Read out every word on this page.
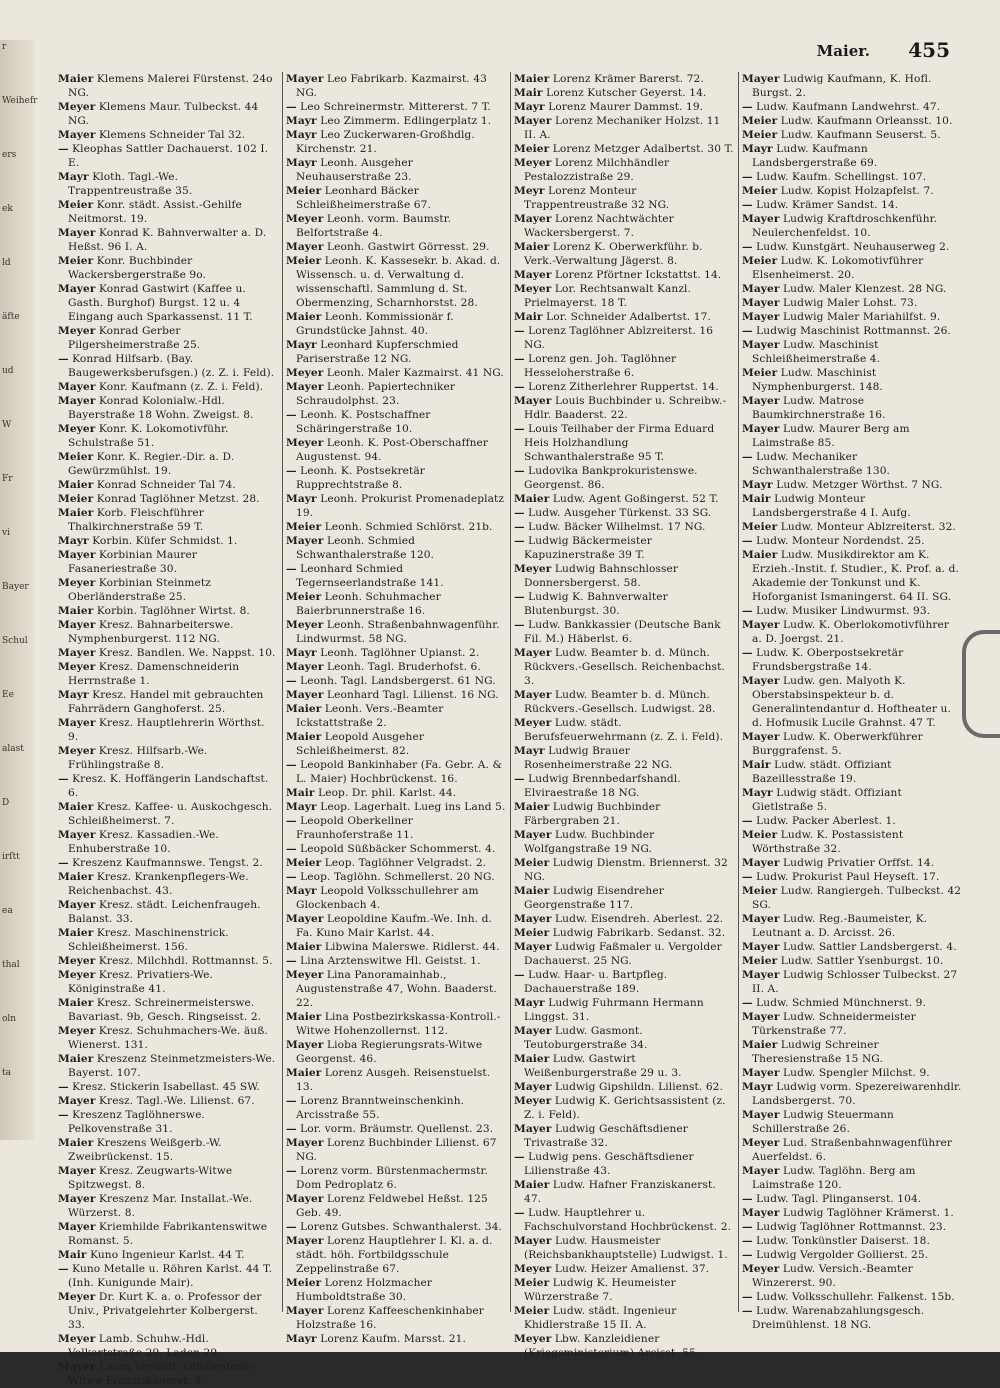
r
Weihefr
ers
ek
ld
äfte
ud
W
Fr
vi
Bayer
Schul
Ee
alast
D
irſtt
ea
thal
oln
ta
Maier. 455
Maier Klemens Malerei Fürstenst. 24o NG.
Meyer Klemens Maur. Tulbeckst. 44 NG.
Mayer Klemens Schneider Tal 32.
— Kleophas Sattler Dachauerst. 102 I. E.
Mayr Kloth. Tagl.-We. Trappentreustraße 35.
Meier Konr. städt. Assist.-Gehilfe Neitmorst. 19.
Mayer Konrad K. Bahnverwalter a. D. Heßst. 96 I. A.
Meier Konr. Buchbinder Wackersbergerstraße 9o.
Mayer Konrad Gastwirt (Kaffee u. Gasth. Burghof) Burgst. 12 u. 4 Eingang auch Sparkassenst. 11 T.
Meyer Konrad Gerber Pilgersheimerstraße 25.
— Konrad Hilfsarb. (Bay. Baugewerksberufsgen.) (z. Z. i. Feld).
Mayer Konr. Kaufmann (z. Z. i. Feld).
Mayer Konrad Kolonialw.-Hdl. Bayerstraße 18 Wohn. Zweigst. 8.
Meyer Konr. K. Lokomotivführ. Schulstraße 51.
Meier Konr. K. Regier.-Dir. a. D. Gewürzmühlst. 19.
Maier Konrad Schneider Tal 74.
Meier Konrad Taglöhner Metzst. 28.
Maier Korb. Fleischführer Thalkirchnerstraße 59 T.
Mayr Korbin. Küfer Schmidst. 1.
Mayer Korbinian Maurer Fasaneriestraße 30.
Meyer Korbinian Steinmetz Oberländerstraße 25.
Maier Korbin. Taglöhner Wirtst. 8.
Mayer Kresz. Bahnarbeiterswe. Nymphenburgerst. 112 NG.
Mayer Kresz. Bandlen. We. Nappst. 10.
Meyer Kresz. Damenschneiderin Herrnstraße 1.
Mayr Kresz. Handel mit gebrauchten Fahrrädern Ganghoferst. 25.
Mayer Kresz. Hauptlehrerin Wörthst. 9.
Meyer Kresz. Hilfsarb.-We. Frühlingstraße 8.
— Kresz. K. Hoffängerin Landschaftst. 6.
Maier Kresz. Kaffee- u. Auskochgesch. Schleißheimerst. 7.
Mayer Kresz. Kassadien.-We. Enhuberstraße 10.
— Kreszenz Kaufmannswe. Tengst. 2.
Maier Kresz. Krankenpflegers-We. Reichenbachst. 43.
Mayer Kresz. städt. Leichenfraugeh. Balanst. 33.
Maier Kresz. Maschinenstrick. Schleißheimerst. 156.
Meyer Kresz. Milchhdl. Rottmannst. 5.
Meyer Kresz. Privatiers-We. Königinstraße 41.
Maier Kresz. Schreinermeisterswe. Bavariast. 9b, Gesch. Ringseisst. 2.
Meyer Kresz. Schuhmachers-We. äuß. Wienerst. 131.
Maier Kreszenz Steinmetzmeisters-We. Bayerst. 107.
— Kresz. Stickerin Isabellast. 45 SW.
Mayer Kresz. Tagl.-We. Lilienst. 67.
— Kreszenz Taglöhnerswe. Pelkovenstraße 31.
Maier Kreszens Weißgerb.-W. Zweibrückenst. 15.
Mayer Kresz. Zeugwarts-Witwe Spitzwegst. 8.
Mayer Kreszenz Mar. Installat.-We. Würzerst. 8.
Mayer Kriemhilde Fabrikantenswitwe Romanst. 5.
Mair Kuno Ingenieur Karlst. 44 T.
— Kuno Metalle u. Röhren Karlst. 44 T. (Inh. Kunigunde Mair).
Meyer Dr. Kurt K. a. o. Professor der Univ., Privatgelehrter Kolbergerst. 33.
Meyer Lamb. Schuhw.-Hdl. Volkartstraße 29, Laden 29.
Mayer Laura Verwalt.-Offizientens-Witwe Franziskanerst. 5.
Mayer Leo Fabrikarb. Kazmairst. 43 NG.
— Leo Schreinermstr. Mittererst. 7 T.
Mayr Leo Zimmerm. Edlingerplatz 1.
Mayr Leo Zuckerwaren-Großhdlg. Kirchenstr. 21.
Mayr Leonh. Ausgeher Neuhauserstraße 23.
Meier Leonhard Bäcker Schleißheimerstraße 67.
Meyer Leonh. vorm. Baumstr. Belfortstraße 4.
Mayer Leonh. Gastwirt Görresst. 29.
Meier Leonh. K. Kassesekr. b. Akad. d. Wissensch. u. d. Verwaltung d. wissenschaftl. Sammlung d. St. Obermenzing, Scharnhorstst. 28.
Maier Leonh. Kommissionär f. Grundstücke Jahnst. 40.
Mayr Leonhard Kupferschmied Pariserstraße 12 NG.
Meyer Leonh. Maler Kazmairst. 41 NG.
Mayer Leonh. Papiertechniker Schraudolphst. 23.
— Leonh. K. Postschaffner Schäringerstraße 10.
Meyer Leonh. K. Post-Oberschaffner Augustenst. 94.
— Leonh. K. Postsekretär Rupprechtstraße 8.
Mayr Leonh. Prokurist Promenadeplatz 19.
Meier Leonh. Schmied Schlörst. 21b.
Mayer Leonh. Schmied Schwanthalerstraße 120.
— Leonhard Schmied Tegernseerlandstraße 141.
Meier Leonh. Schuhmacher Baierbrunnerstraße 16.
Meyer Leonh. Straßenbahnwagenführ. Lindwurmst. 58 NG.
Mayr Leonh. Taglöhner Upianst. 2.
Mayer Leonh. Tagl. Bruderhofst. 6.
— Leonh. Tagl. Landsbergerst. 61 NG.
Mayer Leonhard Tagl. Lilienst. 16 NG.
Maier Leonh. Vers.-Beamter Ickstattstraße 2.
Maier Leopold Ausgeher Schleißheimerst. 82.
— Leopold Bankinhaber (Fa. Gebr. A. & L. Maier) Hochbrückenst. 16.
Mair Leop. Dr. phil. Karlst. 44.
Mayr Leop. Lagerhalt. Lueg ins Land 5.
— Leopold Oberkellner Fraunhoferstraße 11.
— Leopold Süßbäcker Schommerst. 4.
Meier Leop. Taglöhner Velgradst. 2.
— Leop. Taglöhn. Schmellerst. 20 NG.
Mayr Leopold Volksschullehrer am Glockenbach 4.
Mayer Leopoldine Kaufm.-We. Inh. d. Fa. Kuno Mair Karlst. 44.
Maier Libwina Malerswe. Ridlerst. 44.
— Lina Arztenswitwe Hl. Geistst. 1.
Meyer Lina Panoramainhab., Augustenstraße 47, Wohn. Baaderst. 22.
Maier Lina Postbezirkskassa-Kontroll.-Witwe Hohenzollernst. 112.
Mayer Lioba Regierungsrats-Witwe Georgenst. 46.
Maier Lorenz Ausgeh. Reisenstuelst. 13.
— Lorenz Branntweinschenkinh. Arcisstraße 55.
— Lor. vorm. Bräumstr. Quellenst. 23.
Mayer Lorenz Buchbinder Lilienst. 67 NG.
— Lorenz vorm. Bürstenmachermstr. Dom Pedroplatz 6.
Mayer Lorenz Feldwebel Heßst. 125 Geb. 49.
— Lorenz Gutsbes. Schwanthalerst. 34.
Mayer Lorenz Hauptlehrer I. Kl. a. d. städt. höh. Fortbildgsschule Zeppelinstraße 67.
Meier Lorenz Holzmacher Humboldtstraße 30.
Mayer Lorenz Kaffeeschenkinhaber Holzstraße 16.
Mayr Lorenz Kaufm. Marsst. 21.
Maier Lorenz Krämer Barerst. 72.
Mair Lorenz Kutscher Geyerst. 14.
Mayr Lorenz Maurer Dammst. 19.
Mayer Lorenz Mechaniker Holzst. 11 II. A.
Meier Lorenz Metzger Adalbertst. 30 T.
Meyer Lorenz Milchhändler Pestalozzistraße 29.
Meyr Lorenz Monteur Trappentreustraße 32 NG.
Mayer Lorenz Nachtwächter Wackersbergerst. 7.
Maier Lorenz K. Oberwerkführ. b. Verk.-Verwaltung Jägerst. 8.
Mayer Lorenz Pförtner Ickstattst. 14.
Meyer Lor. Rechtsanwalt Kanzl. Prielmayerst. 18 T.
Mair Lor. Schneider Adalbertst. 17.
— Lorenz Taglöhner Ablzreiterst. 16 NG.
— Lorenz gen. Joh. Taglöhner Hesseloherstraße 6.
— Lorenz Zitherlehrer Ruppertst. 14.
Mayer Louis Buchbinder u. Schreibw.-Hdlr. Baaderst. 22.
— Louis Teilhaber der Firma Eduard Heis Holzhandlung Schwanthalerstraße 95 T.
— Ludovika Bankprokuristenswe. Georgenst. 86.
Maier Ludw. Agent Goßingerst. 52 T.
— Ludw. Ausgeher Türkenst. 33 SG.
— Ludw. Bäcker Wilhelmst. 17 NG.
— Ludwig Bäckermeister Kapuzinerstraße 39 T.
Meyer Ludwig Bahnschlosser Donnersbergerst. 58.
— Ludwig K. Bahnverwalter Blutenburgst. 30.
— Ludw. Bankkassier (Deutsche Bank Fil. M.) Häberlst. 6.
Mayer Ludw. Beamter b. d. Münch. Rückvers.-Gesellsch. Reichenbachst. 3.
Mayer Ludw. Beamter b. d. Münch. Rückvers.-Gesellsch. Ludwigst. 28.
Meyer Ludw. städt. Berufsfeuerwehrmann (z. Z. i. Feld).
Mayr Ludwig Brauer Rosenheimerstraße 22 NG.
— Ludwig Brennbedarfshandl. Elviraestraße 18 NG.
Maier Ludwig Buchbinder Färbergraben 21.
Mayer Ludw. Buchbinder Wolfgangstraße 19 NG.
Meier Ludwig Dienstm. Briennerst. 32 NG.
Maier Ludwig Eisendreher Georgenstraße 117.
Mayer Ludw. Eisendreh. Aberlest. 22.
Meier Ludwig Fabrikarb. Sedanst. 32.
Mayer Ludwig Faßmaler u. Vergolder Dachauerst. 25 NG.
— Ludw. Haar- u. Bartpfleg. Dachauerstraße 189.
Mayr Ludwig Fuhrmann Hermann Linggst. 31.
Mayer Ludw. Gasmont. Teutoburgerstraße 34.
Maier Ludw. Gastwirt Weißenburgerstraße 29 u. 3.
Mayer Ludwig Gipshildn. Lilienst. 62.
Meyer Ludwig K. Gerichtsassistent (z. Z. i. Feld).
Mayer Ludwig Geschäftsdiener Trivastraße 32.
— Ludwig pens. Geschäftsdiener Lilienstraße 43.
Maier Ludw. Hafner Franziskanerst. 47.
— Ludw. Hauptlehrer u. Fachschulvorstand Hochbrückenst. 2.
Mayer Ludw. Hausmeister (Reichsbankhauptstelle) Ludwigst. 1.
Meyer Ludw. Heizer Amalienst. 37.
Meier Ludwig K. Heumeister Würzerstraße 7.
Meier Ludw. städt. Ingenieur Khidlerstraße 15 II. A.
Meyer Lbw. Kanzleidiener (Kriegsministerium) Arcisst. 55.
Mayer Ludwig Kaufmann, K. Hofl. Burgst. 2.
— Ludw. Kaufmann Landwehrst. 47.
Meier Ludw. Kaufmann Orleansst. 10.
Meier Ludw. Kaufmann Seuserst. 5.
Mayr Ludw. Kaufmann Landsbergerstraße 69.
— Ludw. Kaufm. Schellingst. 107.
Meier Ludw. Kopist Holzapfelst. 7.
— Ludw. Krämer Sandst. 14.
Mayer Ludwig Kraftdroschkenführ. Neulerchenfeldst. 10.
— Ludw. Kunstgärt. Neuhauserweg 2.
Meier Ludw. K. Lokomotivführer Elsenheimerst. 20.
Mayer Ludw. Maler Klenzest. 28 NG.
Mayer Ludwig Maler Lohst. 73.
Mayer Ludwig Maler Mariahilfst. 9.
— Ludwig Maschinist Rottmannst. 26.
Mayer Ludw. Maschinist Schleißheimerstraße 4.
Meier Ludw. Maschinist Nymphenburgerst. 148.
Mayer Ludw. Matrose Baumkirchnerstraße 16.
Mayer Ludw. Maurer Berg am Laimstraße 85.
— Ludw. Mechaniker Schwanthalerstraße 130.
Mayr Ludw. Metzger Wörthst. 7 NG.
Mair Ludwig Monteur Landsbergerstraße 4 I. Aufg.
Meier Ludw. Monteur Ablzreiterst. 32.
— Ludw. Monteur Nordendst. 25.
Maier Ludw. Musikdirektor am K. Erzieh.-Instit. f. Studier., K. Prof. a. d. Akademie der Tonkunst und K. Hoforganist Ismaningerst. 64 II. SG.
— Ludw. Musiker Lindwurmst. 93.
Mayer Ludw. K. Oberlokomotivführer a. D. Joergst. 21.
— Ludw. K. Oberpostsekretär Frundsbergstraße 14.
Mayer Ludw. gen. Malyoth K. Oberstabsinspekteur b. d. Generalintendantur d. Hoftheater u. d. Hofmusik Lucile Grahnst. 47 T.
Mayer Ludw. K. Oberwerkführer Burggrafenst. 5.
Mair Ludw. städt. Offiziant Bazeillesstraße 19.
Mayr Ludwig städt. Offiziant Gietlstraße 5.
— Ludw. Packer Aberlest. 1.
Meier Ludw. K. Postassistent Wörthstraße 32.
Mayer Ludwig Privatier Orffst. 14.
— Ludw. Prokurist Paul Heyseſt. 17.
Meier Ludw. Rangiergeh. Tulbeckst. 42 SG.
Mayer Ludw. Reg.-Baumeister, K. Leutnant a. D. Arcisst. 26.
Mayer Ludw. Sattler Landsbergerst. 4.
Meier Ludw. Sattler Ysenburgst. 10.
Mayer Ludwig Schlosser Tulbeckst. 27 II. A.
— Ludw. Schmied Münchnerst. 9.
Mayer Ludw. Schneidermeister Türkenstraße 77.
Maier Ludwig Schreiner Theresienstraße 15 NG.
Mayer Ludw. Spengler Milchst. 9.
Mayr Ludwig vorm. Spezereiwarenhdlr. Landsbergerst. 70.
Mayer Ludwig Steuermann Schillerstraße 26.
Meyer Lud. Straßenbahnwagenführer Auerfeldst. 6.
Mayer Ludw. Taglöhn. Berg am Laimstraße 120.
— Ludw. Tagl. Plinganserst. 104.
Mayer Ludwig Taglöhner Krämerst. 1.
— Ludwig Taglöhner Rottmannst. 23.
— Ludw. Tonkünstler Daiserst. 18.
— Ludwig Vergolder Gollierst. 25.
Meyer Ludw. Versich.-Beamter Winzererst. 90.
— Ludw. Volksschullehr. Falkenst. 15b.
— Ludw. Warenabzahlungsgesch. Dreimühlenst. 18 NG.
